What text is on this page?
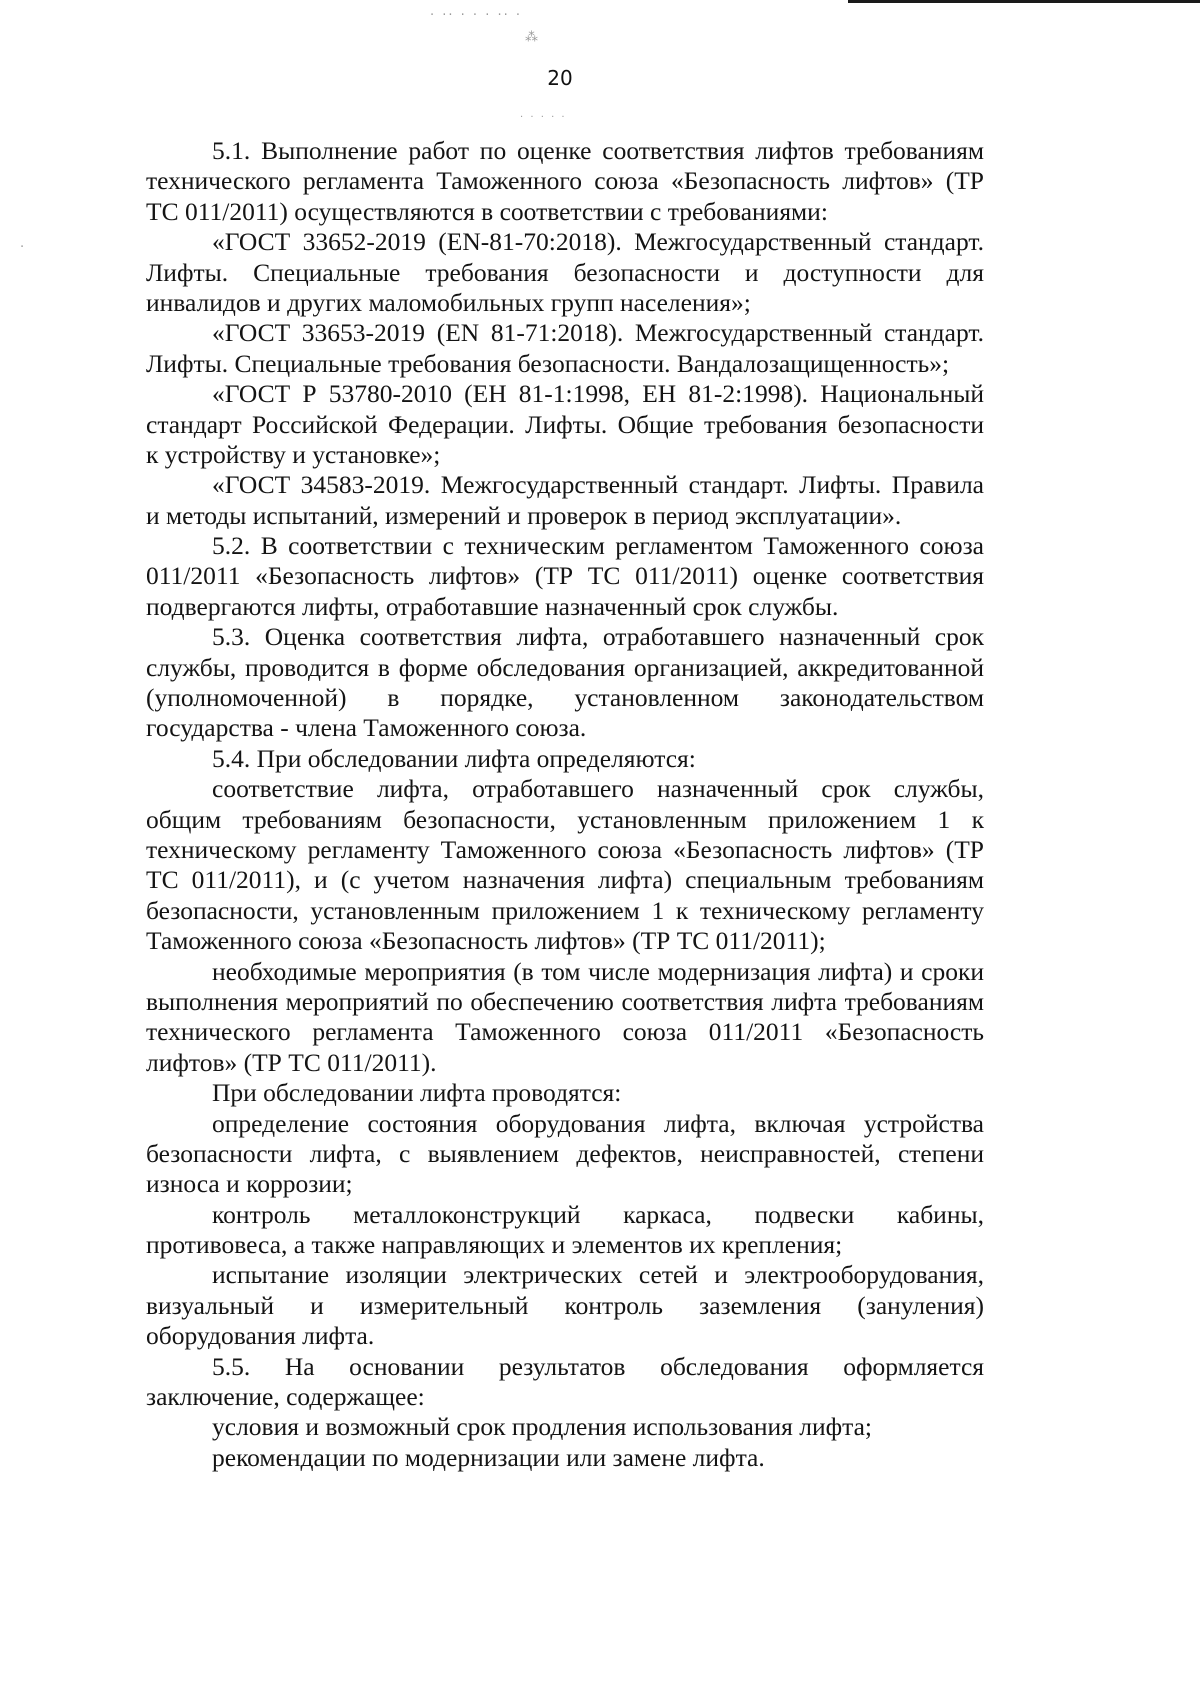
· ·· · · · ·· ·
⁂
· · · · ·
·
20
5.1. Выполнение работ по оценке соответствия лифтов требованиям
технического регламента Таможенного союза «Безопасность лифтов» (ТР
ТС 011/2011) осуществляются в соответствии с требованиями:
«ГОСТ 33652-2019 (EN-81-70:2018). Межгосударственный стандарт.
Лифты. Специальные требования безопасности и доступности для
инвалидов и других маломобильных групп населения»;
«ГОСТ 33653-2019 (EN 81-71:2018). Межгосударственный стандарт.
Лифты. Специальные требования безопасности. Вандалозащищенность»;
«ГОСТ Р 53780-2010 (ЕН 81-1:1998, ЕН 81-2:1998). Национальный
стандарт Российской Федерации. Лифты. Общие требования безопасности
к устройству и установке»;
«ГОСТ 34583-2019. Межгосударственный стандарт. Лифты. Правила
и методы испытаний, измерений и проверок в период эксплуатации».
5.2. В соответствии с техническим регламентом Таможенного союза
011/2011 «Безопасность лифтов» (ТР ТС 011/2011) оценке соответствия
подвергаются лифты, отработавшие назначенный срок службы.
5.3. Оценка соответствия лифта, отработавшего назначенный срок
службы, проводится в форме обследования организацией, аккредитованной
(уполномоченной) в порядке, установленном законодательством
государства - члена Таможенного союза.
5.4. При обследовании лифта определяются:
соответствие лифта, отработавшего назначенный срок службы,
общим требованиям безопасности, установленным приложением 1 к
техническому регламенту Таможенного союза «Безопасность лифтов» (ТР
ТС 011/2011), и (с учетом назначения лифта) специальным требованиям
безопасности, установленным приложением 1 к техническому регламенту
Таможенного союза «Безопасность лифтов» (ТР ТС 011/2011);
необходимые мероприятия (в том числе модернизация лифта) и сроки
выполнения мероприятий по обеспечению соответствия лифта требованиям
технического регламента Таможенного союза 011/2011 «Безопасность
лифтов» (ТР ТС 011/2011).
При обследовании лифта проводятся:
определение состояния оборудования лифта, включая устройства
безопасности лифта, с выявлением дефектов, неисправностей, степени
износа и коррозии;
контроль металлоконструкций каркаса, подвески кабины,
противовеса, а также направляющих и элементов их крепления;
испытание изоляции электрических сетей и электрооборудования,
визуальный и измерительный контроль заземления (зануления)
оборудования лифта.
5.5. На основании результатов обследования оформляется
заключение, содержащее:
условия и возможный срок продления использования лифта;
рекомендации по модернизации или замене лифта.
